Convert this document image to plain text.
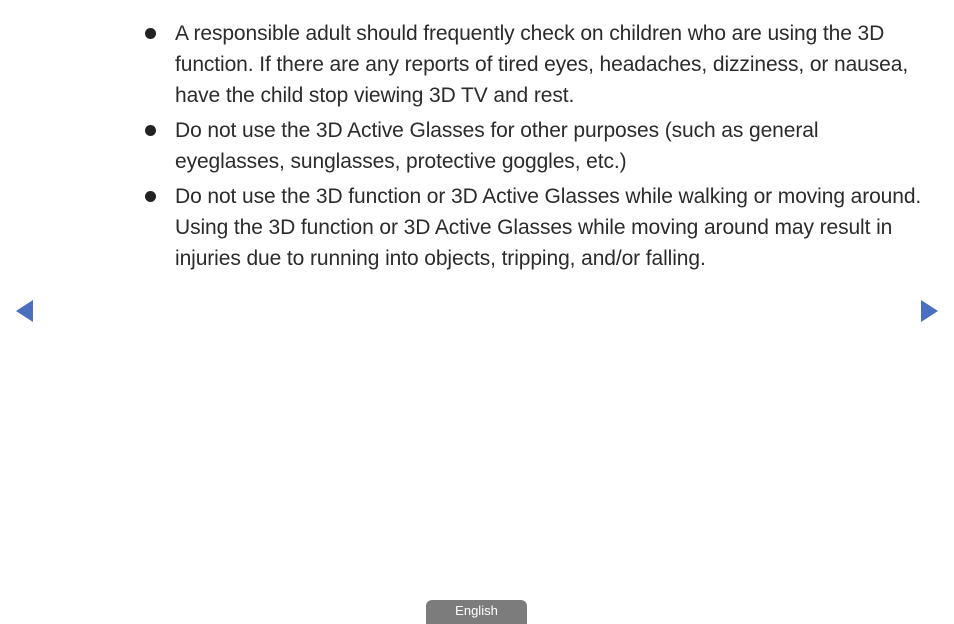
A responsible adult should frequently check on children who are using the 3D function. If there are any reports of tired eyes, headaches, dizziness, or nausea, have the child stop viewing 3D TV and rest.
Do not use the 3D Active Glasses for other purposes (such as general eyeglasses, sunglasses, protective goggles, etc.)
Do not use the 3D function or 3D Active Glasses while walking or moving around. Using the 3D function or 3D Active Glasses while moving around may result in injuries due to running into objects, tripping, and/or falling.
English
